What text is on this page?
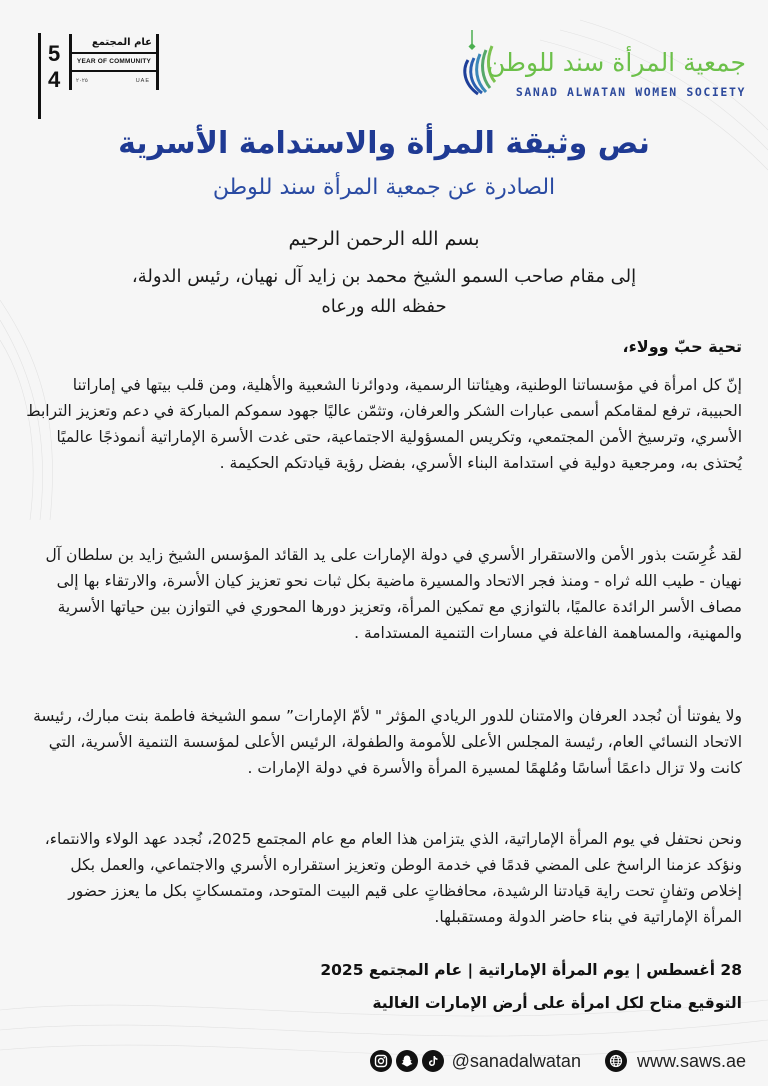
5
4
عام المجتمع
YEAR OF COMMUNITY
٢٠٢٥	UAE
جمعية المرأة سند للوطن
SANAD ALWATAN WOMEN SOCIETY
نص وثيقة المرأة والاستدامة الأسرية
الصادرة عن جمعية المرأة سند للوطن
بسم الله الرحمن الرحيم
إلى مقام صاحب السمو الشيخ محمد بن زايد آل نهيان، رئيس الدولة،
حفظه الله ورعاه
تحية حبّ وولاء،
إنّ كل امرأة في مؤسساتنا الوطنية، وهيئاتنا الرسمية، ودوائرنا الشعبية والأهلية، ومن قلب بيتها في إماراتنا الحبيبة، ترفع لمقامكم أسمى عبارات الشكر والعرفان، وتثمّن عاليًا جهود سموكم المباركة في دعم وتعزيز الترابط الأسري، وترسيخ الأمن المجتمعي، وتكريس المسؤولية الاجتماعية، حتى غدت الأسرة الإماراتية أنموذجًا عالميًا يُحتذى به، ومرجعية دولية في استدامة البناء الأسري، بفضل رؤية قيادتكم الحكيمة .
لقد غُرِسَت بذور الأمن والاستقرار الأسري في دولة الإمارات على يد القائد المؤسس الشيخ زايد بن سلطان آل نهيان - طيب الله ثراه - ومنذ فجر الاتحاد والمسيرة ماضية بكل ثبات نحو تعزيز كيان الأسرة، والارتقاء بها إلى مصاف الأسر الرائدة عالميًا، بالتوازي مع تمكين المرأة، وتعزيز دورها المحوري في التوازن بين حياتها الأسرية والمهنية، والمساهمة الفاعلة في مسارات التنمية المستدامة .
ولا يفوتنا أن نُجدد العرفان والامتنان للدور الريادي المؤثر " لأمّ الإمارات” سمو الشيخة فاطمة بنت مبارك، رئيسة الاتحاد النسائي العام، رئيسة المجلس الأعلى للأمومة والطفولة، الرئيس الأعلى لمؤسسة التنمية الأسرية، التي كانت ولا تزال داعمًا أساسًا ومُلهمًا لمسيرة المرأة والأسرة في دولة الإمارات .
ونحن نحتفل في يوم المرأة الإماراتية، الذي يتزامن هذا العام مع عام المجتمع 2025، نُجدد عهد الولاء والانتماء، ونؤكد عزمنا الراسخ على المضي قدمًا في خدمة الوطن وتعزيز استقراره الأسري والاجتماعي، والعمل بكل إخلاص وتفانٍ تحت راية قيادتنا الرشيدة، محافظاتٍ على قيم البيت المتوحد، ومتمسكاتٍ بكل ما يعزز حضور المرأة الإماراتية في بناء حاضر الدولة ومستقبلها.
28 أغسطس | يوم المرأة الإماراتية | عام المجتمع 2025
التوقيع متاح لكل امرأة على أرض الإمارات الغالية
@sanadalwatan	www.saws.ae
